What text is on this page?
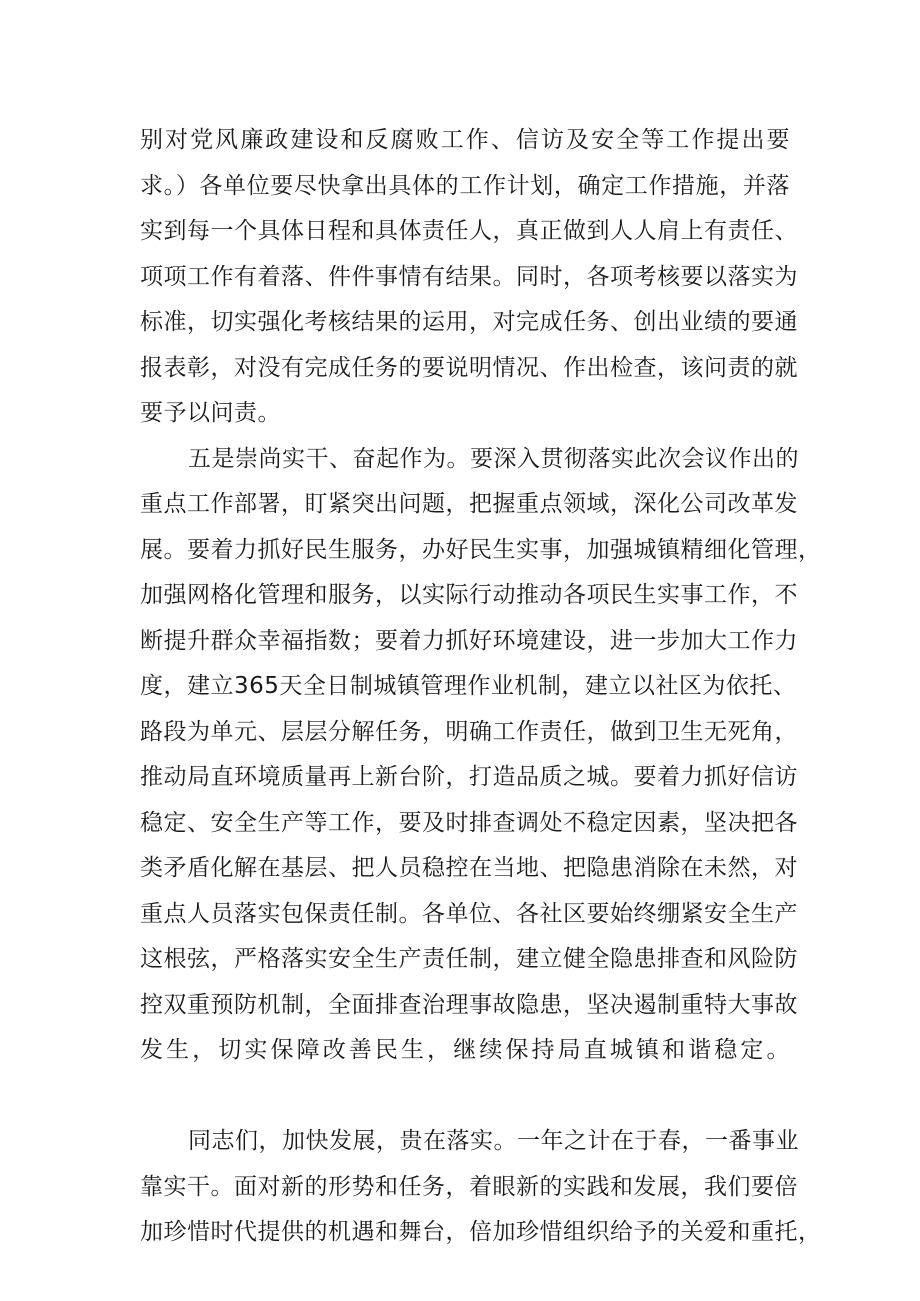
别对党风廉政建设和反腐败工作、信访及安全等工作提出要
求。）各单位要尽快拿出具体的工作计划，确定工作措施，并落
实到每一个具体日程和具体责任人，真正做到人人肩上有责任、
项项工作有着落、件件事情有结果。同时，各项考核要以落实为
标准，切实强化考核结果的运用，对完成任务、创出业绩的要通
报表彰，对没有完成任务的要说明情况、作出检查，该问责的就
要予以问责。
五是崇尚实干、奋起作为。要深入贯彻落实此次会议作出的
重点工作部署，盯紧突出问题，把握重点领域，深化公司改革发
展。要着力抓好民生服务，办好民生实事，加强城镇精细化管理，
加强网格化管理和服务，以实际行动推动各项民生实事工作，不
断提升群众幸福指数；要着力抓好环境建设，进一步加大工作力
度，建立365天全日制城镇管理作业机制，建立以社区为依托、
路段为单元、层层分解任务，明确工作责任，做到卫生无死角，
推动局直环境质量再上新台阶，打造品质之城。要着力抓好信访
稳定、安全生产等工作，要及时排查调处不稳定因素，坚决把各
类矛盾化解在基层、把人员稳控在当地、把隐患消除在未然，对
重点人员落实包保责任制。各单位、各社区要始终绷紧安全生产
这根弦，严格落实安全生产责任制，建立健全隐患排查和风险防
控双重预防机制，全面排查治理事故隐患，坚决遏制重特大事故
发生，切实保障改善民生，继续保持局直城镇和谐稳定。
同志们，加快发展，贵在落实。一年之计在于春，一番事业
靠实干。面对新的形势和任务，着眼新的实践和发展，我们要倍
加珍惜时代提供的机遇和舞台，倍加珍惜组织给予的关爱和重托，
